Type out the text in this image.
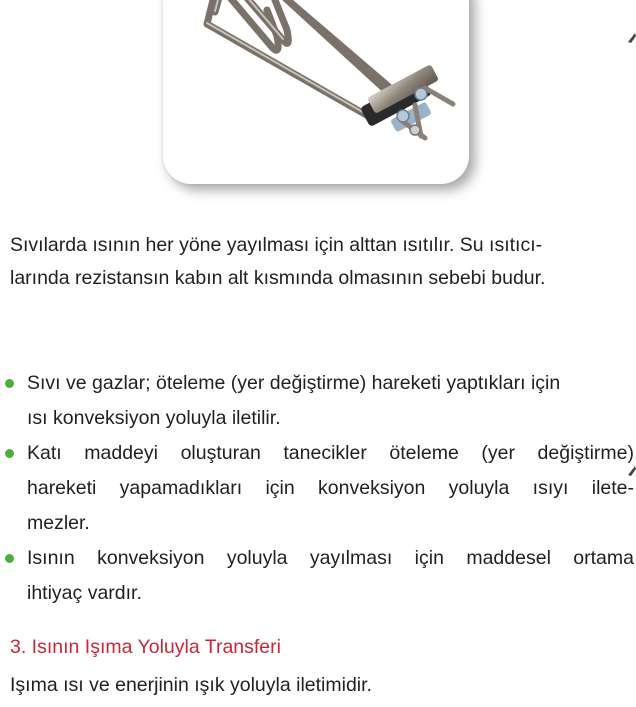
Sıvılarda ısının her yöne yayılması için alttan ısıtılır. Su ısıtıcı-

larında rezistansın kabın alt kısmında olmasının sebebi budur.

Sıvı ve gazlar; öteleme (yer değiştirme) hareketi yaptıkları için

ısı konveksiyon yoluyla iletilir.

Katı maddeyi oluşturan tanecikler öteleme (yer değiştirme)

hareketi yapamadıkları için konveksiyon yoluyla ısıyı ilete-

mezler.

Isının konveksiyon yoluyla yayılması için maddesel ortama

ihtiyaç vardır.

3. Isının Işıma Yoluyla Transferi
Işıma ısı ve enerjinin ışık yoluyla iletimidir.
